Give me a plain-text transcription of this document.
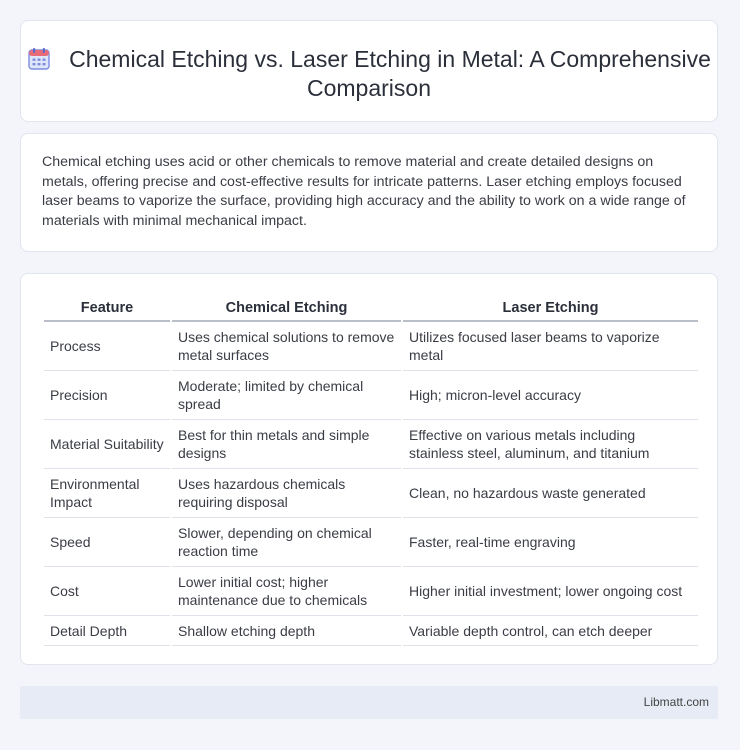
Chemical Etching vs. Laser Etching in Metal: A Comprehensive Comparison

Chemical etching uses acid or other chemicals to remove material and create detailed designs on metals, offering precise and cost-effective results for intricate patterns. Laser etching employs focused laser beams to vaporize the surface, providing high accuracy and the ability to work on a wide range of materials with minimal mechanical impact.

Feature	Chemical Etching	Laser Etching
Process	Uses chemical solutions to remove metal surfaces	Utilizes focused laser beams to vaporize metal
Precision	Moderate; limited by chemical spread	High; micron-level accuracy
Material Suitability	Best for thin metals and simple designs	Effective on various metals including stainless steel, aluminum, and titanium
Environmental Impact	Uses hazardous chemicals requiring disposal	Clean, no hazardous waste generated
Speed	Slower, depending on chemical reaction time	Faster, real-time engraving
Cost	Lower initial cost; higher maintenance due to chemicals	Higher initial investment; lower ongoing cost
Detail Depth	Shallow etching depth	Variable depth control, can etch deeper
Libmatt.com
